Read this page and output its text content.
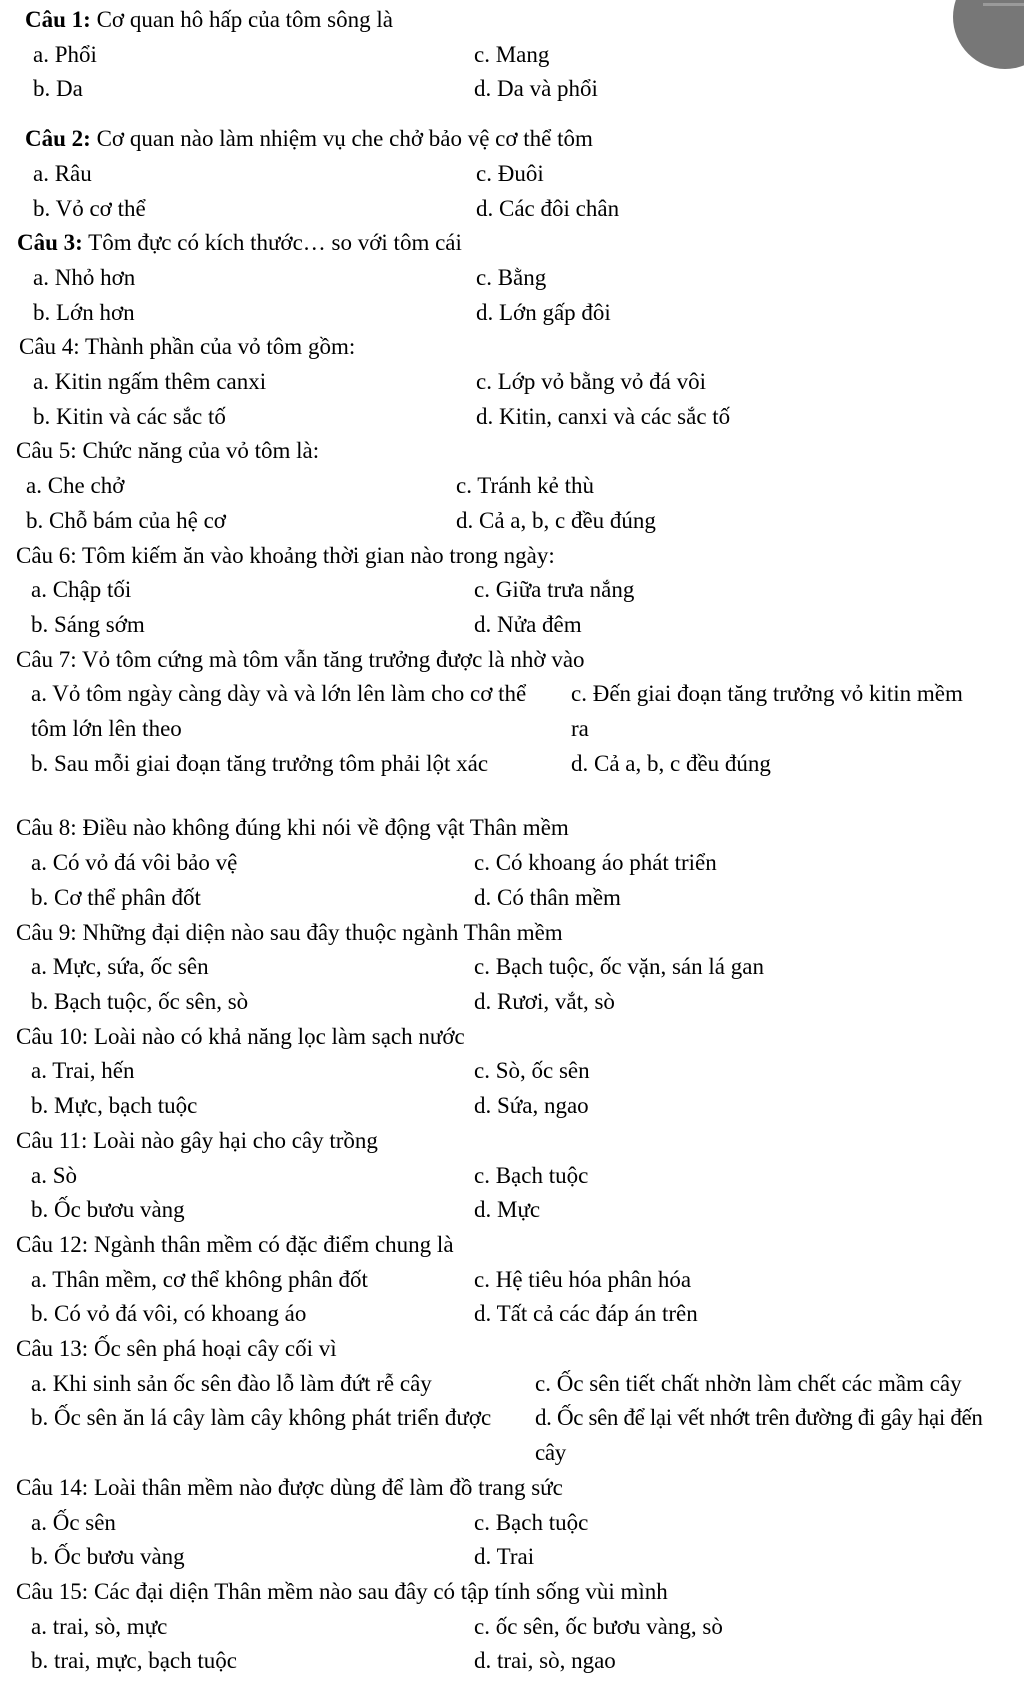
Câu 1: Cơ quan hô hấp của tôm sông là
a. Phổi	c. Mang
b. Da	d. Da và phổi
Câu 2: Cơ quan nào làm nhiệm vụ che chở bảo vệ cơ thể tôm
a. Râu	c. Đuôi
b. Vỏ cơ thể	d. Các đôi chân
Câu 3: Tôm đực có kích thước… so với tôm cái
a. Nhỏ hơn	c. Bằng
b. Lớn hơn	d. Lớn gấp đôi
Câu 4: Thành phần của vỏ tôm gồm:
a. Kitin ngấm thêm canxi	c. Lớp vỏ bằng vỏ đá vôi
b. Kitin và các sắc tố	d. Kitin, canxi và các sắc tố
Câu 5: Chức năng của vỏ tôm là:
a. Che chở	c. Tránh kẻ thù
b. Chỗ bám của hệ cơ	d. Cả a, b, c đều đúng
Câu 6: Tôm kiếm ăn vào khoảng thời gian nào trong ngày:
a. Chập tối	c. Giữa trưa nắng
b. Sáng sớm	d. Nửa đêm
Câu 7: Vỏ tôm cứng mà tôm vẫn tăng trưởng được là nhờ vào
a. Vỏ tôm ngày càng dày và và lớn lên làm cho cơ thể tôm lớn lên theo
c. Đến giai đoạn tăng trưởng vỏ kitin mềm ra
b. Sau mỗi giai đoạn tăng trưởng tôm phải lột xác	d. Cả a, b, c đều đúng
Câu 8: Điều nào không đúng khi nói về động vật Thân mềm
a. Có vỏ đá vôi bảo vệ	c. Có khoang áo phát triển
b. Cơ thể phân đốt	d. Có thân mềm
Câu 9: Những đại diện nào sau đây thuộc ngành Thân mềm
a. Mực, sứa, ốc sên	c. Bạch tuộc, ốc vặn, sán lá gan
b. Bạch tuộc, ốc sên, sò	d. Rươi, vắt, sò
Câu 10: Loài nào có khả năng lọc làm sạch nước
a. Trai, hến	c. Sò, ốc sên
b. Mực, bạch tuộc	d. Sứa, ngao
Câu 11: Loài nào gây hại cho cây trồng
a. Sò	c. Bạch tuộc
b. Ốc bươu vàng	d. Mực
Câu 12: Ngành thân mềm có đặc điểm chung là
a. Thân mềm, cơ thể không phân đốt	c. Hệ tiêu hóa phân hóa
b. Có vỏ đá vôi, có khoang áo	d. Tất cả các đáp án trên
Câu 13: Ốc sên phá hoại cây cối vì
a. Khi sinh sản ốc sên đào lỗ làm đứt rễ cây	c. Ốc sên tiết chất nhờn làm chết các mầm cây
b. Ốc sên ăn lá cây làm cây không phát triển được	d. Ốc sên để lại vết nhớt trên đường đi gây hại đến cây
Câu 14: Loài thân mềm nào được dùng để làm đồ trang sức
a. Ốc sên	c. Bạch tuộc
b. Ốc bươu vàng	d. Trai
Câu 15: Các đại diện Thân mềm nào sau đây có tập tính sống vùi mình
a. trai, sò, mực	c. ốc sên, ốc bươu vàng, sò
b. trai, mực, bạch tuộc	d. trai, sò, ngao
